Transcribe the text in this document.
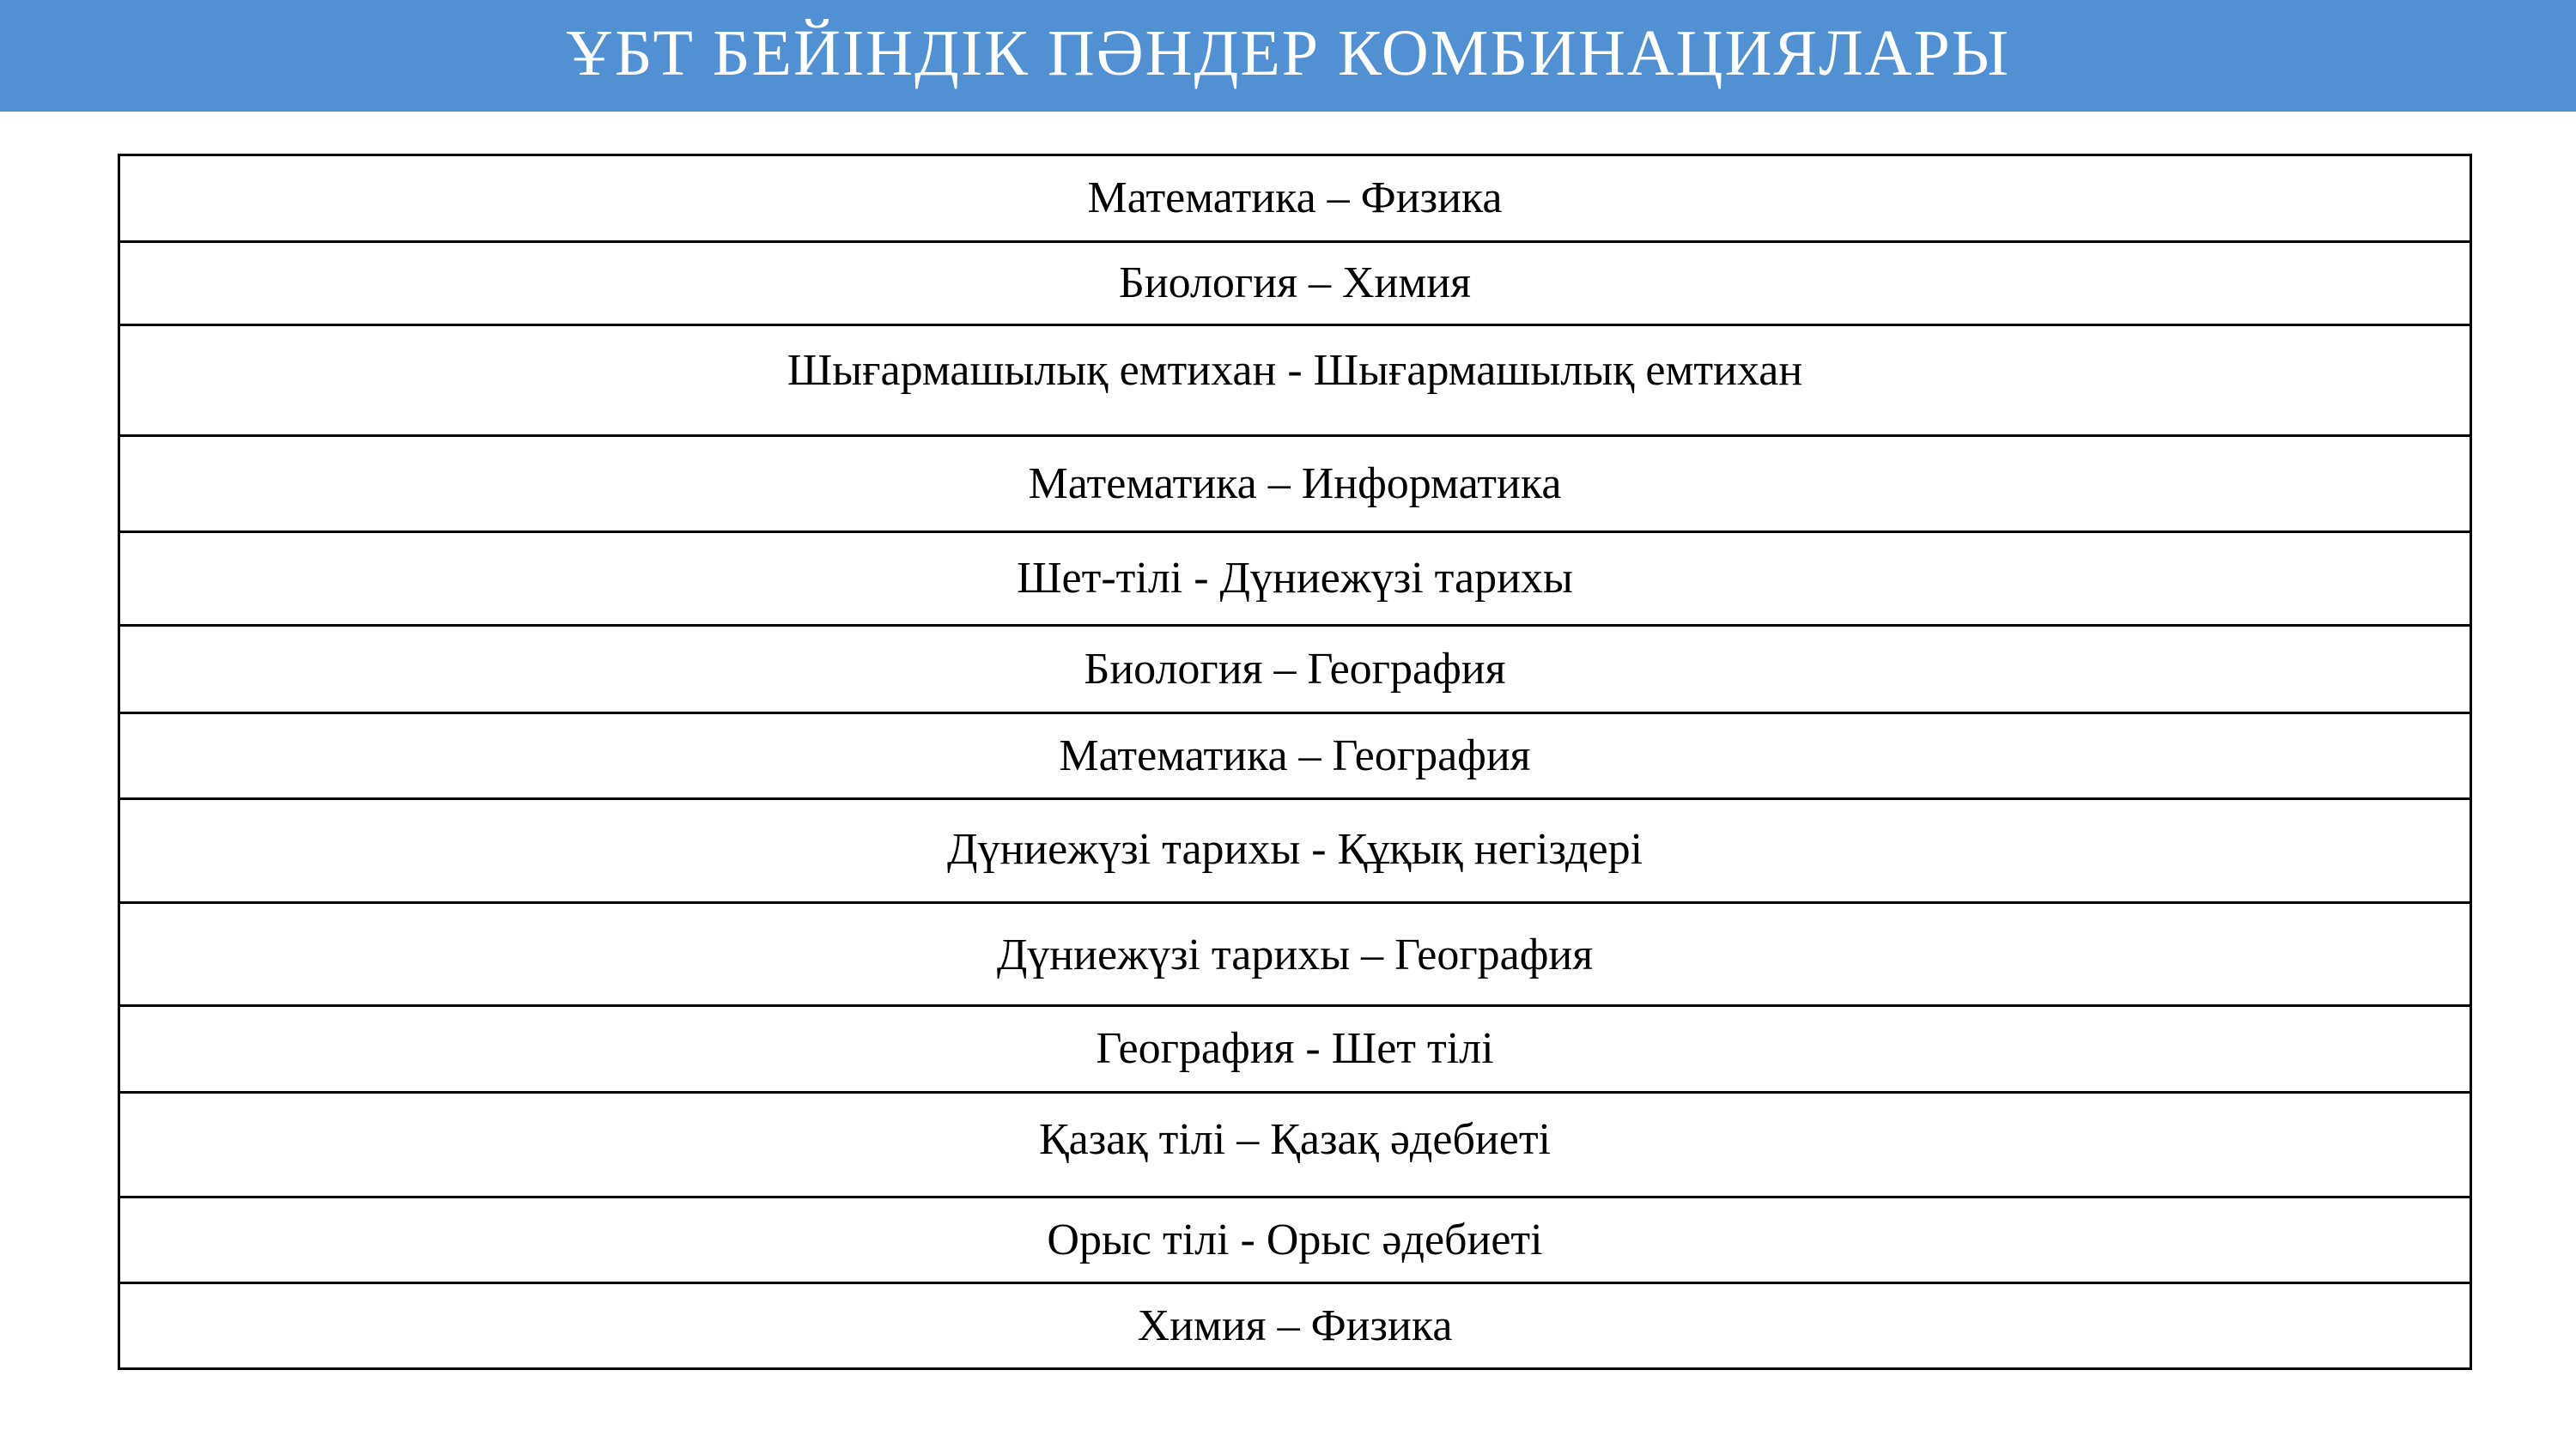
ҰБТ БЕЙІНДІК ПӘНДЕР КОМБИНАЦИЯЛАРЫ
Математика – Физика
Биология – Химия
Шығармашылық емтихан - Шығармашылық емтихан
Математика – Информатика
Шет-тілі - Дүниежүзі тарихы
Биология – География
Математика – География
Дүниежүзі тарихы - Құқық негіздері
Дүниежүзі тарихы – География
География - Шет тілі
Қазақ тілі – Қазақ әдебиеті
Орыс тілі - Орыс әдебиеті
Химия – Физика
